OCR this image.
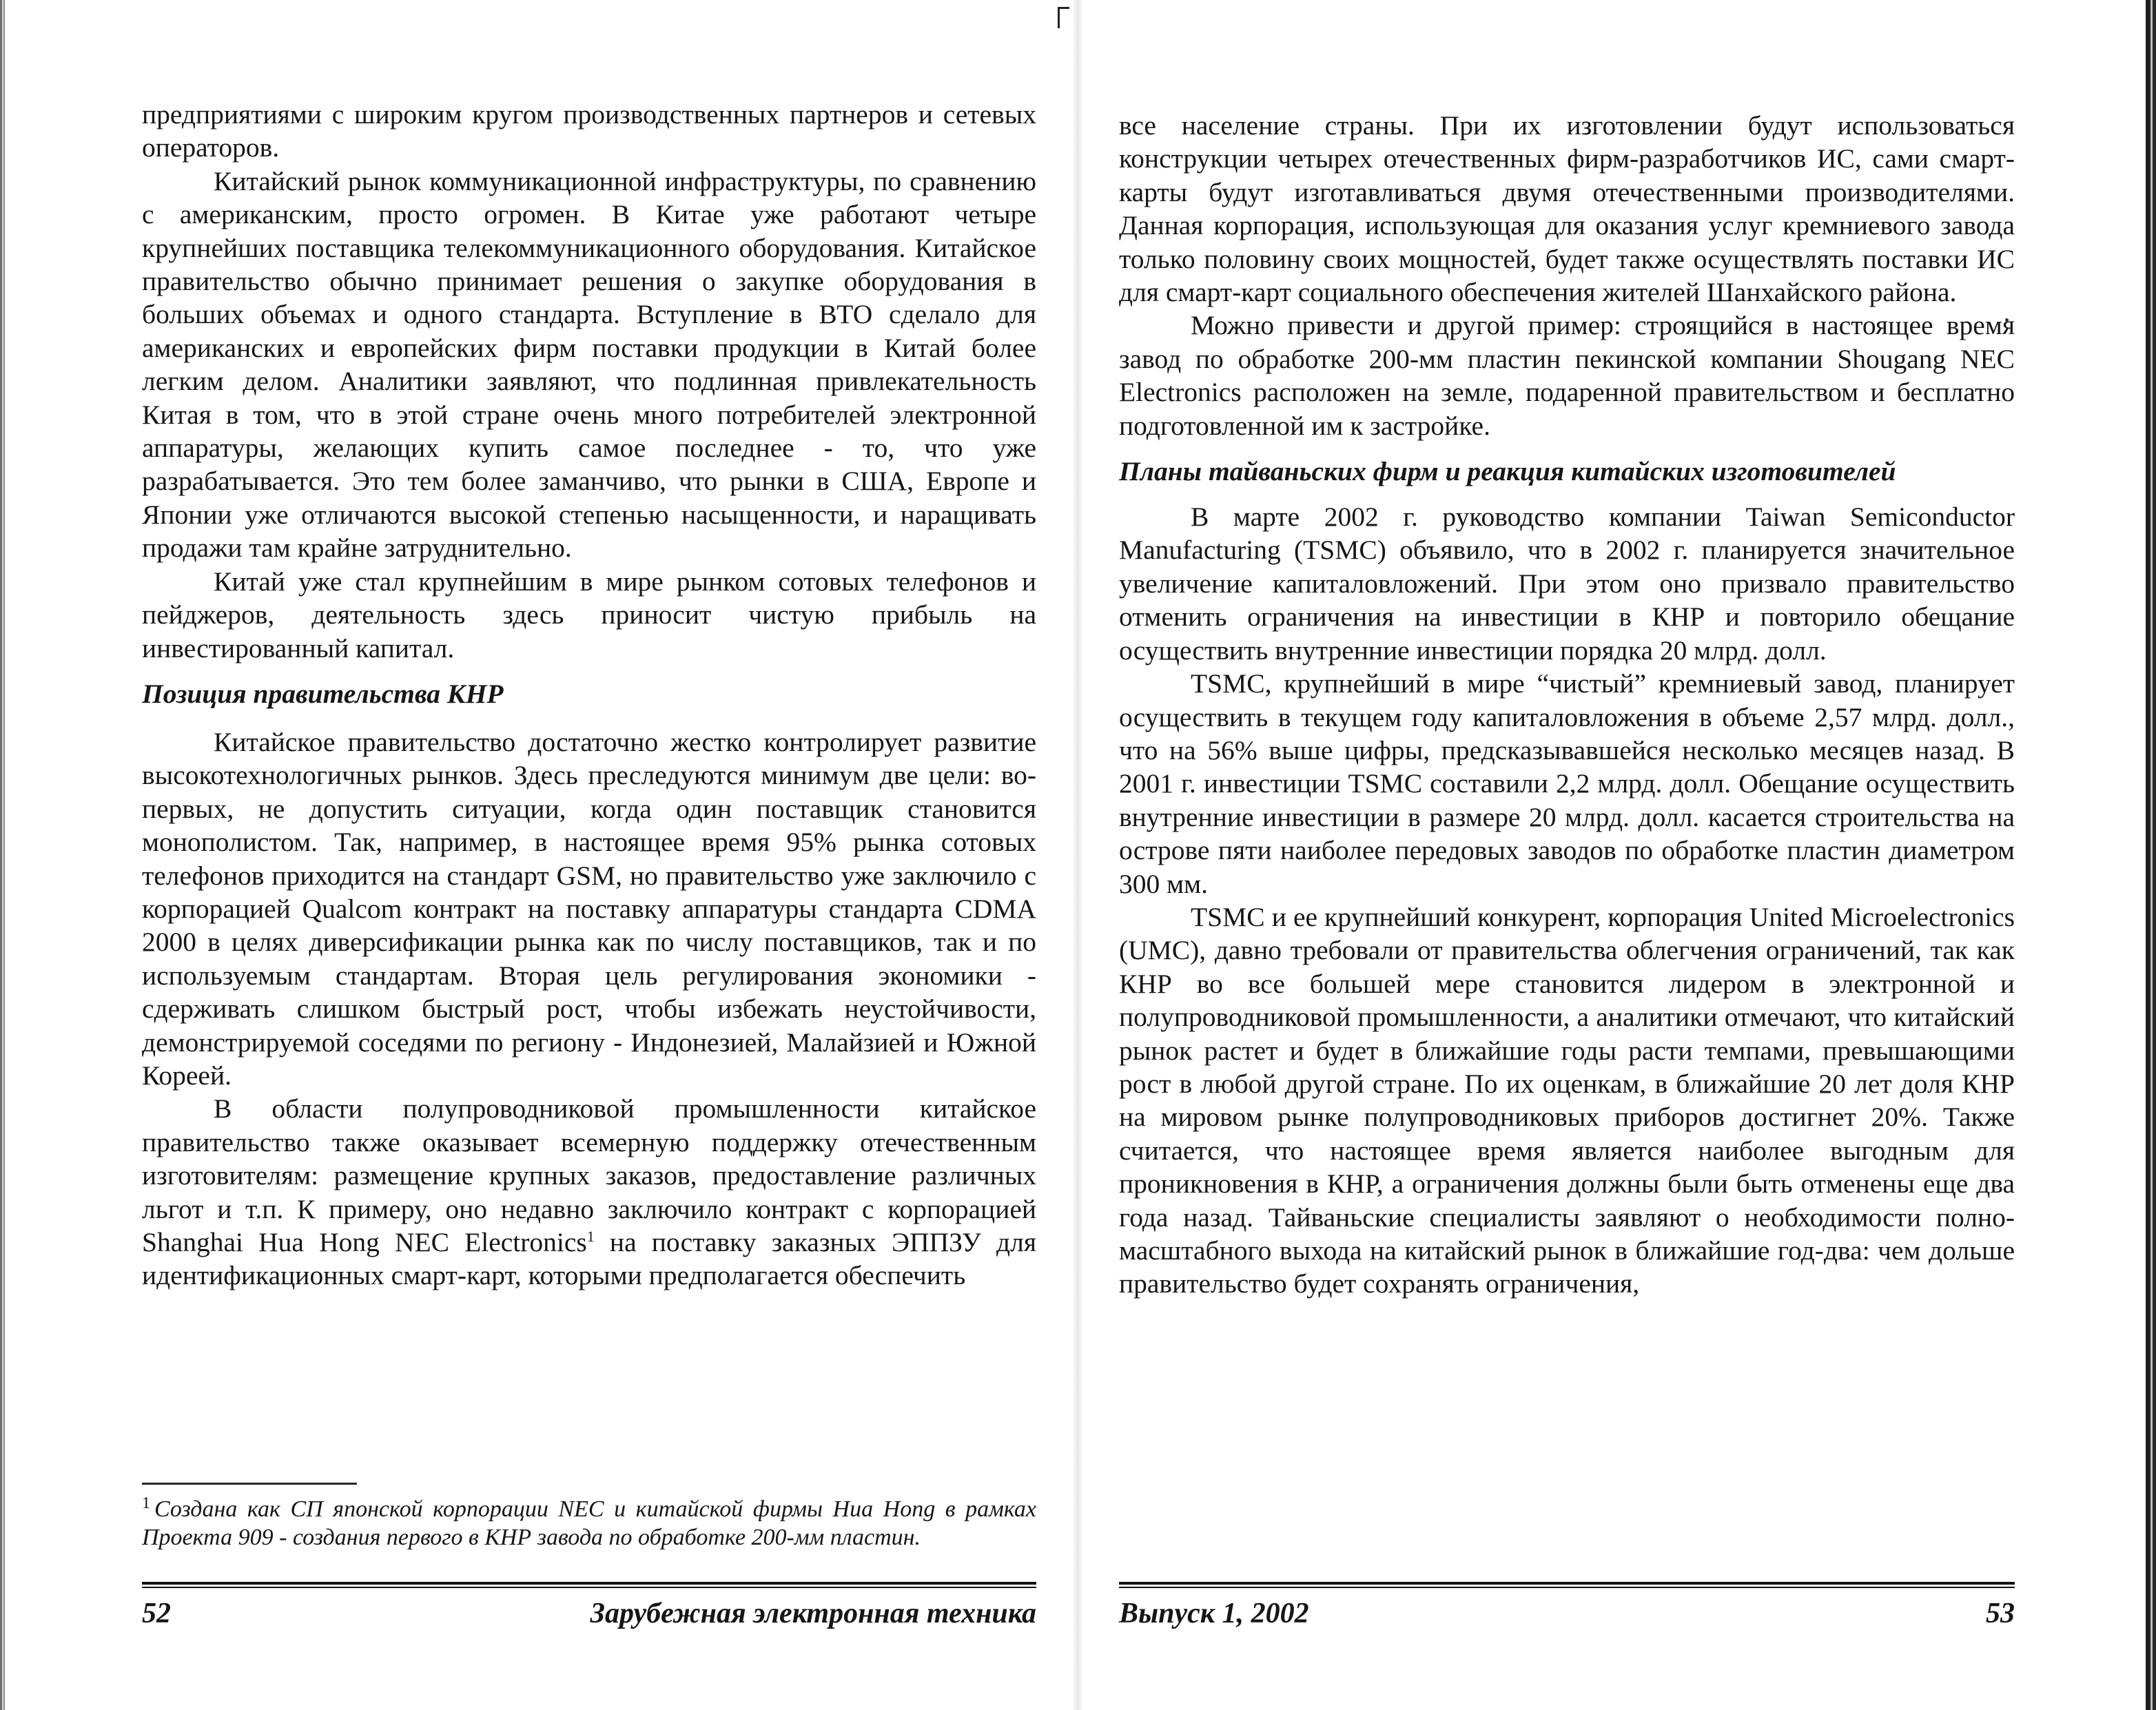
предприятиями с широким кругом производственных партнеров и сетевых операторов.

Китайский рынок коммуникационной инфраструктуры, по сравнению с американским, просто огромен. В Китае уже работают четыре крупнейших поставщика телекоммуникационного оборудования. Китайское правительство обычно принимает решения о закупке оборудования в больших объемах и одного стандарта. Вступление в ВТО сделало для американских и европейских фирм поставки продукции в Китай более легким делом. Аналитики заявляют, что подлинная привлекательность Китая в том, что в этой стране очень много потребителей электронной аппаратуры, желающих купить самое последнее - то, что уже разрабатывается. Это тем более заманчиво, что рынки в США, Европе и Японии уже отличаются высокой степенью насыщенности, и наращивать продажи там крайне затруднительно.

Китай уже стал крупнейшим в мире рынком сотовых телефонов и пейджеров, деятельность здесь приносит чистую прибыль на инвестированный капитал.

Позиция правительства КНР

Китайское правительство достаточно жестко контролирует развитие высокотехнологичных рынков. Здесь преследуются минимум две цели: во-первых, не допустить ситуации, когда один поставщик становится монополистом. Так, например, в настоящее время 95% рынка сотовых телефонов приходится на стандарт GSM, но правительство уже заключило с корпорацией Qualcom контракт на поставку аппаратуры стандарта CDMA 2000 в целях диверсификации рынка как по числу поставщиков, так и по используемым стандартам. Вторая цель регулирования экономики - сдерживать слишком быстрый рост, чтобы избежать неустойчивости, демонстрируемой соседями по региону - Индонезией, Малайзией и Южной Кореей.

В области полупроводниковой промышленности китайское правительство также оказывает всемерную поддержку отечественным изготовителям: размещение крупных заказов, предоставление различных льгот и т.п. К примеру, оно недавно заключило контракт с корпорацией Shanghai Hua Hong NEC Electronics$^1$ на поставку заказных ЭППЗУ для идентификационных смарт-карт, которыми предполагается обеспечить

$^1$ Создана как СП японской корпорации NEC и китайской фирмы Hua Hong в рамках Проекта 909 - создания первого в КНР завода по обработке 200-мм пластин.
52	Зарубежная электронная техника

все население страны. При их изготовлении будут использоваться конструкции четырех отечественных фирм-разработчиков ИС, сами смарт-карты будут изготавливаться двумя отечественными производителями. Данная корпорация, использующая для оказания услуг кремниевого завода только половину своих мощностей, будет также осуществлять поставки ИС для смарт-карт социального обеспечения жителей Шанхайского района.

Можно привести и другой пример: строящийся в настоящее время завод по обработке 200-мм пластин пекинской компании Shougang NEC Electronics расположен на земле, подаренной правительством и бесплатно подготовленной им к застройке.

Планы тайваньских фирм и реакция китайских изготовителей

В марте 2002 г. руководство компании Taiwan Semiconductor Manufacturing (TSMC) объявило, что в 2002 г. планируется значительное увеличение капиталовложений. При этом оно призвало правительство отменить ограничения на инвестиции в КНР и повторило обещание осуществить внутренние инвестиции порядка 20 млрд. долл.

TSMC, крупнейший в мире “чистый” кремниевый завод, планирует осуществить в текущем году капиталовложения в объеме 2,57 млрд. долл., что на 56% выше цифры, предсказывавшейся несколько месяцев назад. В 2001 г. инвестиции TSMC составили 2,2 млрд. долл. Обещание осуществить внутренние инвестиции в размере 20 млрд. долл. касается строительства на острове пяти наиболее передовых заводов по обработке пластин диаметром 300 мм.

TSMC и ее крупнейший конкурент, корпорация United Microelectronics (UMC), давно требовали от правительства облегчения ограничений, так как КНР во все большей мере становится лидером в электронной и полупроводниковой промышленности, а аналитики отмечают, что китайский рынок растет и будет в ближайшие годы расти темпами, превышающими рост в любой другой стране. По их оценкам, в ближайшие 20 лет доля КНР на мировом рынке полупроводниковых приборов достигнет 20%. Также считается, что настоящее время является наиболее выгодным для проникновения в КНР, а ограничения должны были быть отменены еще два года назад. Тайваньские специалисты заявляют о необходимости полномасштабного выхода на китайский рынок в ближайшие год-два: чем дольше правительство будет сохранять ограничения,

Выпуск 1, 2002	53
